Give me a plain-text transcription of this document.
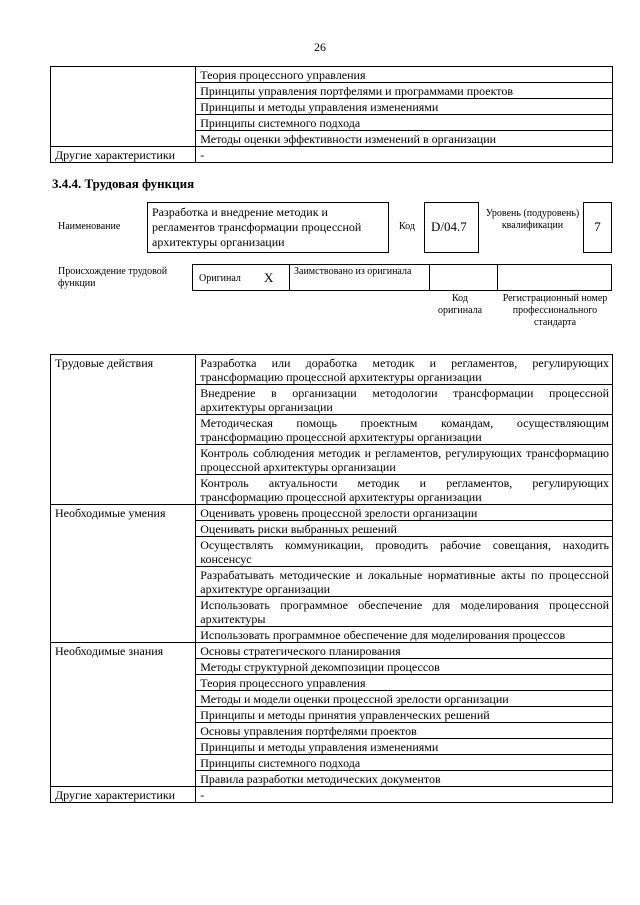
26
	Теория процессного управления
	Принципы управления портфелями и программами проектов
	Принципы и методы управления изменениями
	Принципы системного подхода
	Методы оценки эффективности изменений в организации
Другие характеристики	-
3.4.4. Трудовая функция
Наименование
Разработка и внедрение методик и регламентов трансформации процессной архитектуры организации
Код	D/04.7
Уровень (подуровень) квалификации	7
Происхождение трудовой функции	Оригинал X Заимствовано из оригинала
Код оригинала
Регистрационный номер профессионального стандарта
Трудовые действия	Разработка или доработка методик и регламентов, регулирующих трансформацию процессной архитектуры организации
	Внедрение в организации методологии трансформации процессной архитектуры организации
	Методическая помощь проектным командам, осуществляющим трансформацию процессной архитектуры организации
	Контроль соблюдения методик и регламентов, регулирующих трансформацию процессной архитектуры организации
	Контроль актуальности методик и регламентов, регулирующих трансформацию процессной архитектуры организации
Необходимые умения	Оценивать уровень процессной зрелости организации
	Оценивать риски выбранных решений
	Осуществлять коммуникации, проводить рабочие совещания, находить консенсус
	Разрабатывать методические и локальные нормативные акты по процессной архитектуре организации
	Использовать программное обеспечение для моделирования процессной архитектуры
	Использовать программное обеспечение для моделирования процессов
Необходимые знания	Основы стратегического планирования
	Методы структурной декомпозиции процессов
	Теория процессного управления
	Методы и модели оценки процессной зрелости организации
	Принципы и методы принятия управленческих решений
	Основы управления портфелями проектов
	Принципы и методы управления изменениями
	Принципы системного подхода
	Правила разработки методических документов
Другие характеристики	-
